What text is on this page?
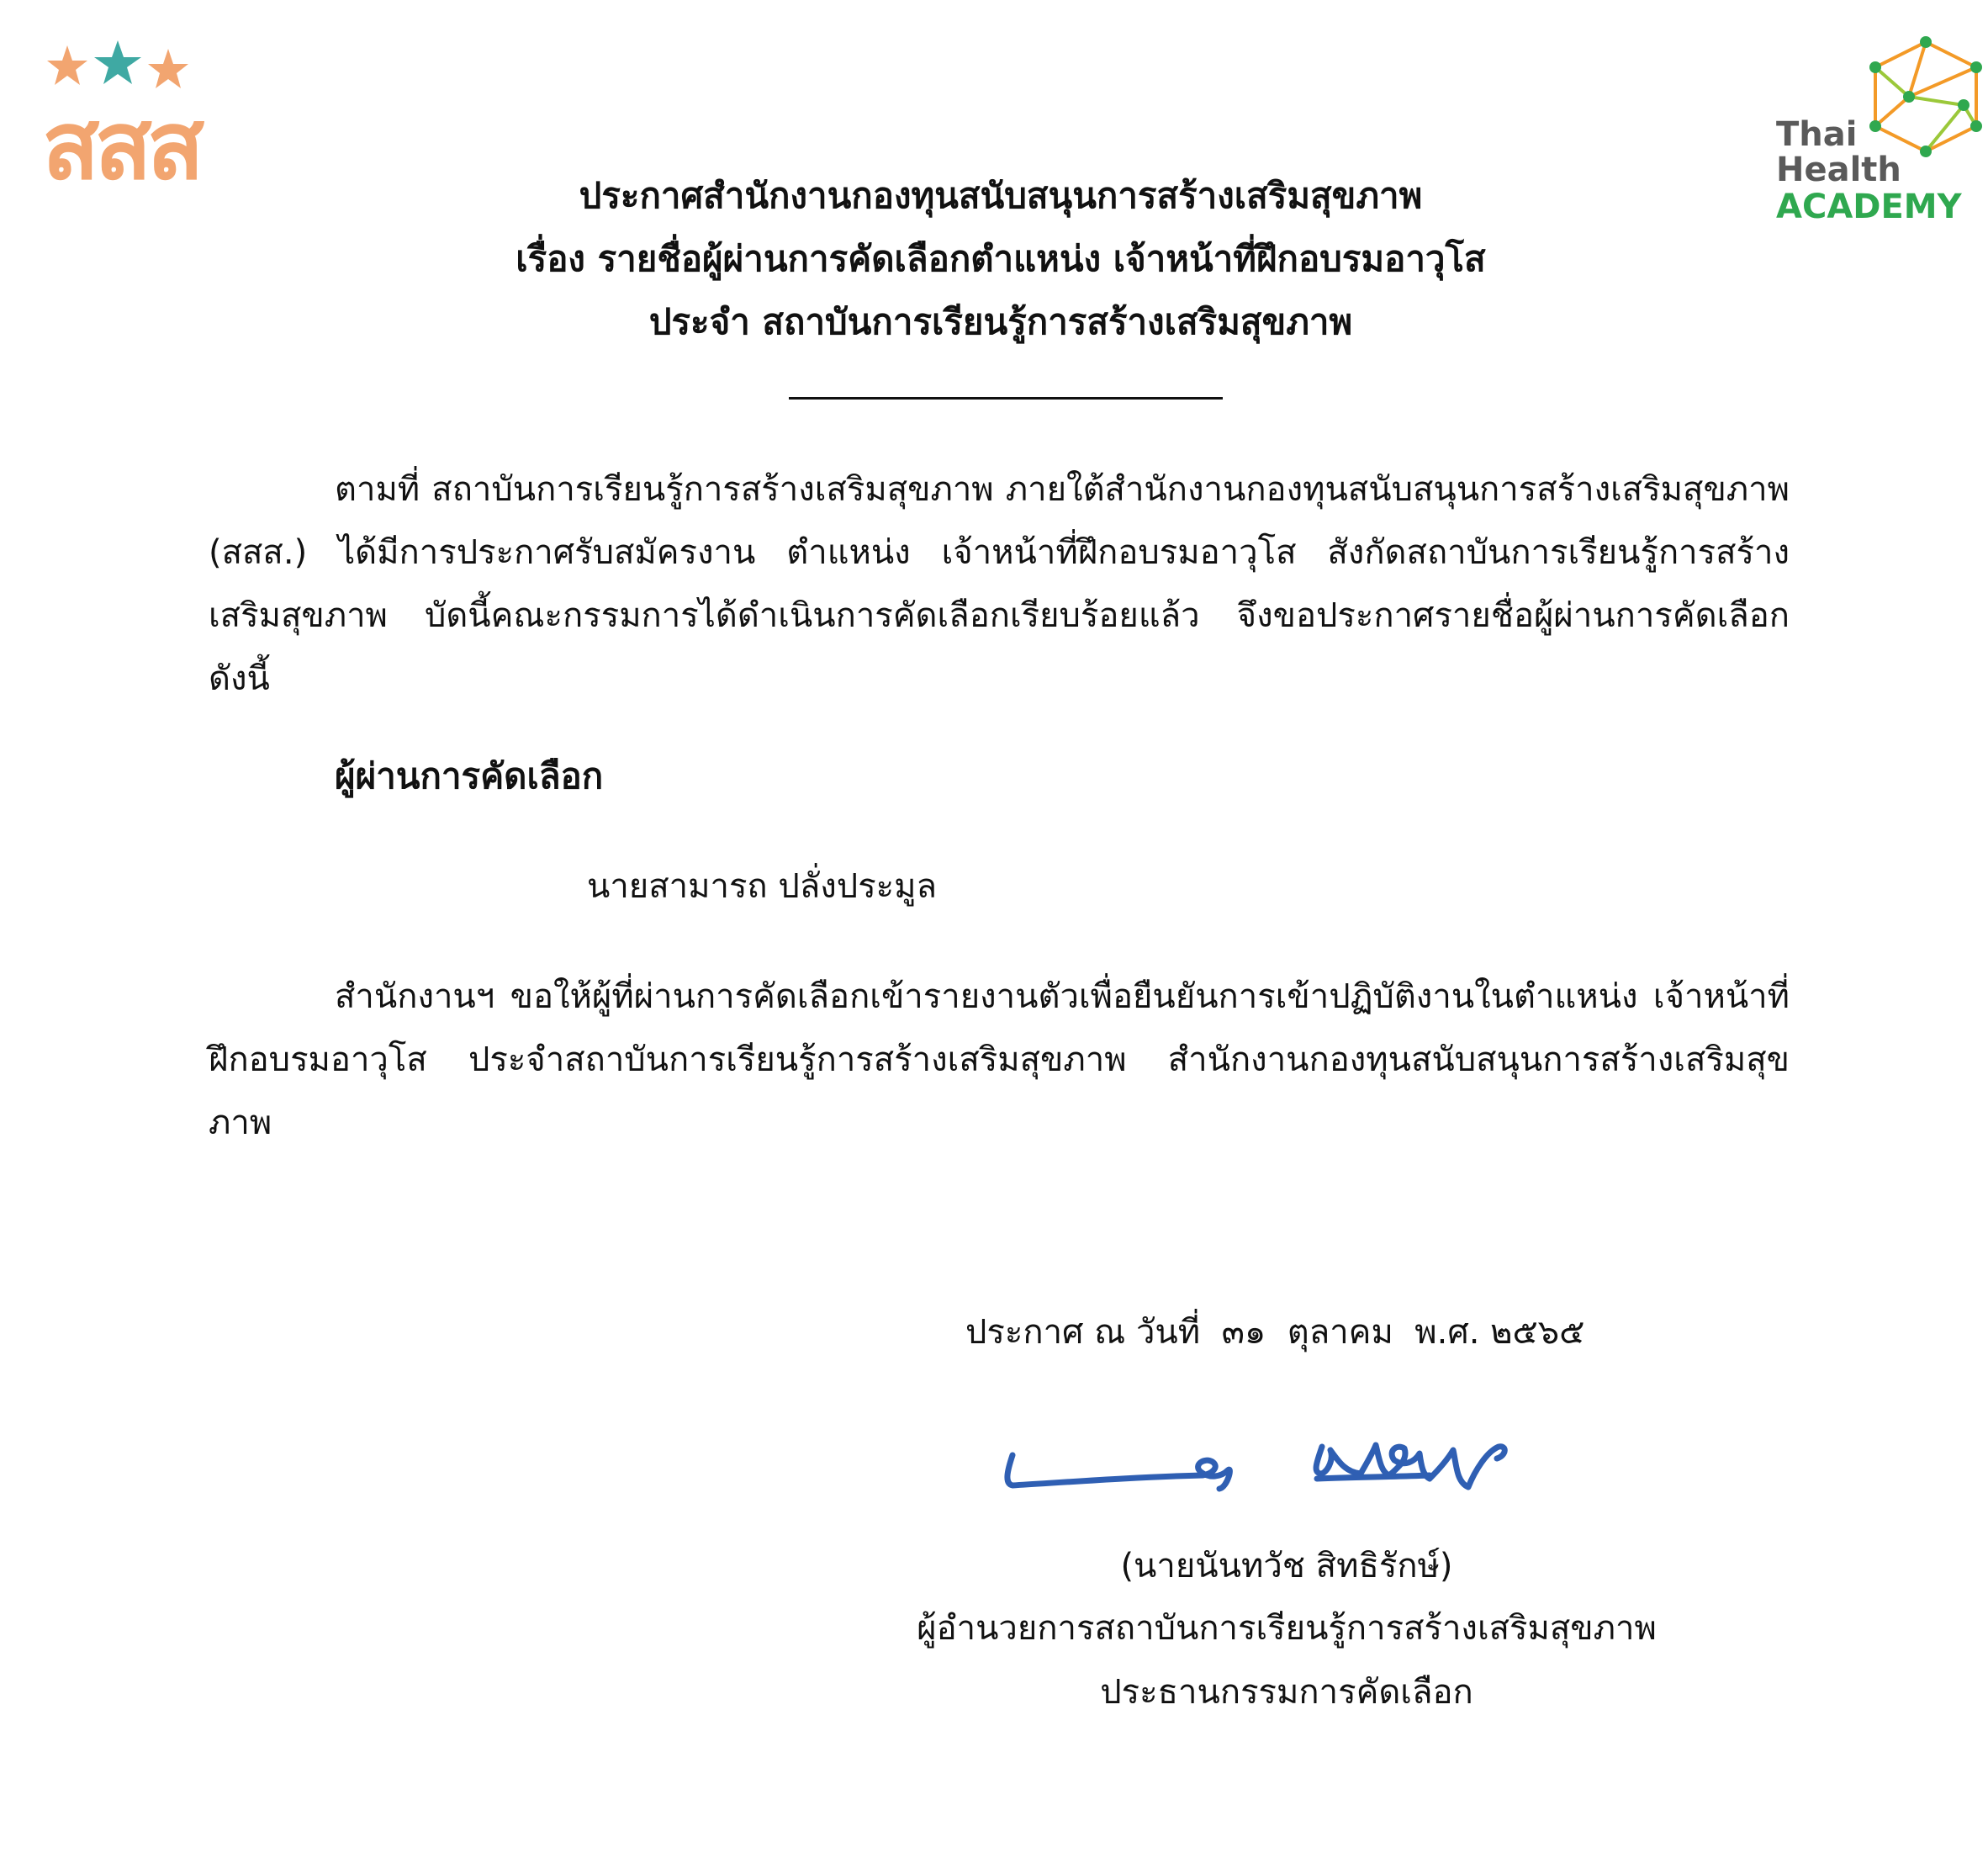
สสส	Thai
Health
ACADEMY
ประกาศสำนักงานกองทุนสนับสนุนการสร้างเสริมสุขภาพ
เรื่อง รายชื่อผู้ผ่านการคัดเลือกตำแหน่ง เจ้าหน้าที่ฝึกอบรมอาวุโส
ประจำ สถาบันการเรียนรู้การสร้างเสริมสุขภาพ

ตามที่ สถาบันการเรียนรู้การสร้างเสริมสุขภาพ ภายใต้สำนักงานกองทุนสนับสนุนการสร้างเสริมสุขภาพ (สสส.) ได้มีการประกาศรับสมัครงาน ตำแหน่ง เจ้าหน้าที่ฝึกอบรมอาวุโส สังกัดสถาบันการเรียนรู้การสร้างเสริมสุขภาพ บัดนี้คณะกรรมการได้ดำเนินการคัดเลือกเรียบร้อยแล้ว จึงขอประกาศรายชื่อผู้ผ่านการคัดเลือก ดังนี้

ผู้ผ่านการคัดเลือก
นายสามารถ ปลั่งประมูล

สำนักงานฯ ขอให้ผู้ที่ผ่านการคัดเลือกเข้ารายงานตัวเพื่อยืนยันการเข้าปฏิบัติงานในตำแหน่ง เจ้าหน้าที่ฝึกอบรมอาวุโส ประจำสถาบันการเรียนรู้การสร้างเสริมสุขภาพ สำนักงานกองทุนสนับสนุนการสร้างเสริมสุขภาพ

ประกาศ ณ วันที่  ๓๑  ตุลาคม  พ.ศ. ๒๕๖๕
(นายนันทวัช สิทธิรักษ์)
ผู้อำนวยการสถาบันการเรียนรู้การสร้างเสริมสุขภาพ
ประธานกรรมการคัดเลือก
